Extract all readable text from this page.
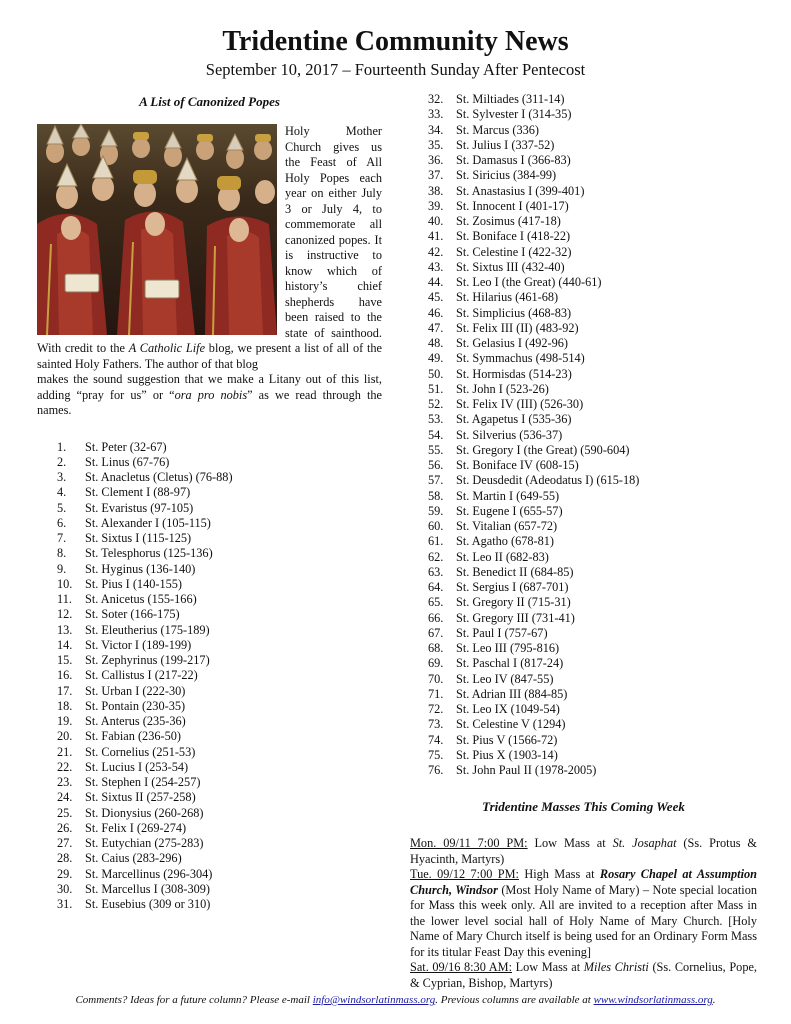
Tridentine Community News
September 10, 2017 – Fourteenth Sunday After Pentecost
A List of Canonized Popes

Holy Mother Church gives us the Feast of All Holy Popes each year on either July 3 or July 4, to commemorate all canonized popes. It is instructive to know which of history’s chief shepherds have been raised to the state of sainthood. With credit to the A Catholic Life blog, we present a list of all of the sainted Holy Fathers. The author of that blog

makes the sound suggestion that we make a Litany out of this list, adding “pray for us” or “ora pro nobis” as we read through the names.

1.	St. Peter (32-67)
2.	St. Linus (67-76)
3.	St. Anacletus (Cletus) (76-88)
4.	St. Clement I (88-97)
5.	St. Evaristus (97-105)
6.	St. Alexander I (105-115)
7.	St. Sixtus I (115-125)
8.	St. Telesphorus (125-136)
9.	St. Hyginus (136-140)
10.	St. Pius I (140-155)
11.	St. Anicetus (155-166)
12.	St. Soter (166-175)
13.	St. Eleutherius (175-189)
14.	St. Victor I (189-199)
15.	St. Zephyrinus (199-217)
16.	St. Callistus I (217-22)
17.	St. Urban I (222-30)
18.	St. Pontain (230-35)
19.	St. Anterus (235-36)
20.	St. Fabian (236-50)
21.	St. Cornelius (251-53)
22.	St. Lucius I (253-54)
23.	St. Stephen I (254-257)
24.	St. Sixtus II (257-258)
25.	St. Dionysius (260-268)
26.	St. Felix I (269-274)
27.	St. Eutychian (275-283)
28.	St. Caius (283-296)
29.	St. Marcellinus (296-304)
30.	St. Marcellus I (308-309)
31.	St. Eusebius (309 or 310)
32.	St. Miltiades (311-14)
33.	St. Sylvester I (314-35)
34.	St. Marcus (336)
35.	St. Julius I (337-52)
36.	St. Damasus I (366-83)
37.	St. Siricius (384-99)
38.	St. Anastasius I (399-401)
39.	St. Innocent I (401-17)
40.	St. Zosimus (417-18)
41.	St. Boniface I (418-22)
42.	St. Celestine I (422-32)
43.	St. Sixtus III (432-40)
44.	St. Leo I (the Great) (440-61)
45.	St. Hilarius (461-68)
46.	St. Simplicius (468-83)
47.	St. Felix III (II) (483-92)
48.	St. Gelasius I (492-96)
49.	St. Symmachus (498-514)
50.	St. Hormisdas (514-23)
51.	St. John I (523-26)
52.	St. Felix IV (III) (526-30)
53.	St. Agapetus I (535-36)
54.	St. Silverius (536-37)
55.	St. Gregory I (the Great) (590-604)
56.	St. Boniface IV (608-15)
57.	St. Deusdedit (Adeodatus I) (615-18)
58.	St. Martin I (649-55)
59.	St. Eugene I (655-57)
60.	St. Vitalian (657-72)
61.	St. Agatho (678-81)
62.	St. Leo II (682-83)
63.	St. Benedict II (684-85)
64.	St. Sergius I (687-701)
65.	St. Gregory II (715-31)
66.	St. Gregory III (731-41)
67.	St. Paul I (757-67)
68.	St. Leo III (795-816)
69.	St. Paschal I (817-24)
70.	St. Leo IV (847-55)
71.	St. Adrian III (884-85)
72.	St. Leo IX (1049-54)
73.	St. Celestine V (1294)
74.	St. Pius V (1566-72)
75.	St. Pius X (1903-14)
76.	St. John Paul II (1978-2005)
Tridentine Masses This Coming Week

Mon. 09/11 7:00 PM: Low Mass at St. Josaphat (Ss. Protus & Hyacinth, Martyrs)

Tue. 09/12 7:00 PM: High Mass at Rosary Chapel at Assumption Church, Windsor (Most Holy Name of Mary) – Note special location for Mass this week only. All are invited to a reception after Mass in the lower level social hall of Holy Name of Mary Church. [Holy Name of Mary Church itself is being used for an Ordinary Form Mass for its titular Feast Day this evening]

Sat. 09/16 8:30 AM: Low Mass at Miles Christi (Ss. Cornelius, Pope, & Cyprian, Bishop, Martyrs)

Comments? Ideas for a future column? Please e-mail info@windsorlatinmass.org. Previous columns are available at www.windsorlatinmass.org.
